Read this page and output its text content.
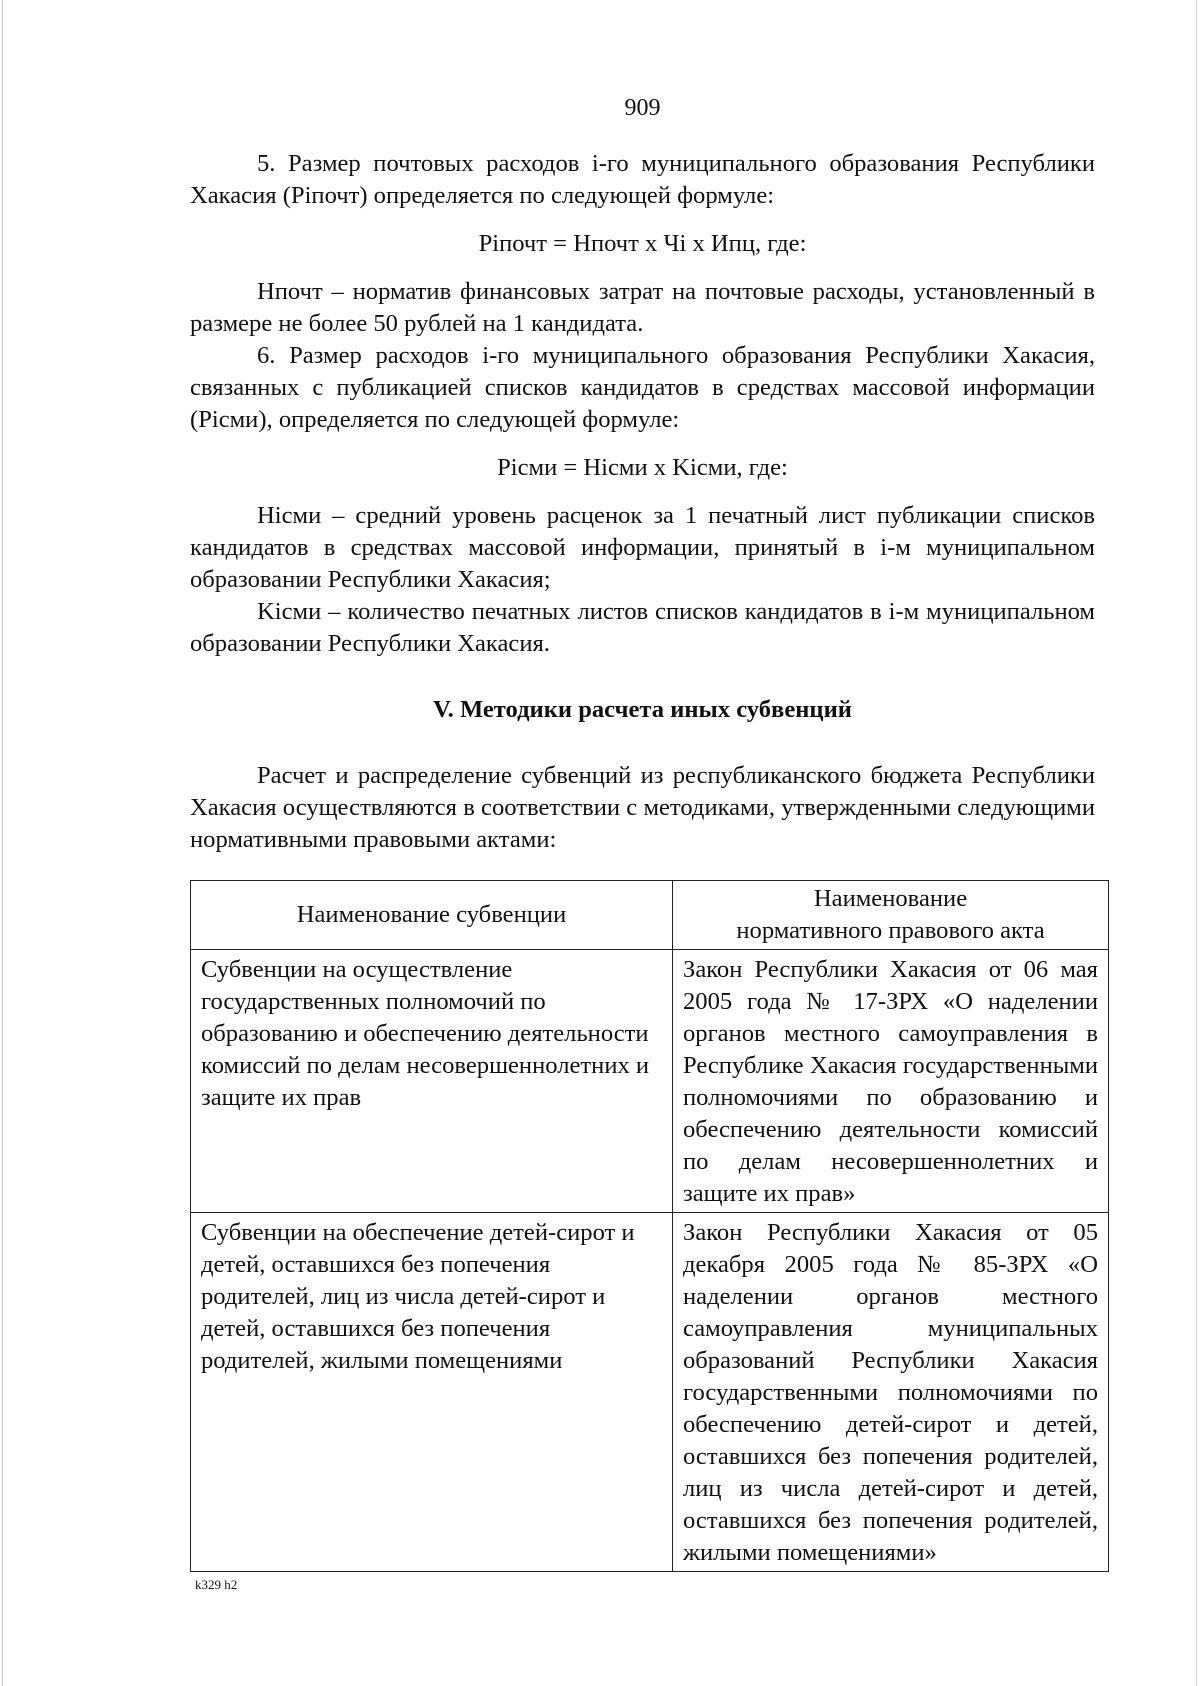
909

5. Размер почтовых расходов i-го муниципального образования Республики Хакасия (Piпочт) определяется по следующей формуле:

Piпочт = Нпочт х Чi х Ипц, где:

Нпочт – норматив финансовых затрат на почтовые расходы, установленный в размере не более 50 рублей на 1 кандидата.

6. Размер расходов i-го муниципального образования Республики Хакасия, связанных с публикацией списков кандидатов в средствах массовой информации (Piсми), определяется по следующей формуле:

Piсми = Hiсми х Kiсми, где:

Hiсми – средний уровень расценок за 1 печатный лист публикации списков кандидатов в средствах массовой информации, принятый в i-м муниципальном образовании Республики Хакасия;

Kiсми – количество печатных листов списков кандидатов в i-м муниципальном образовании Республики Хакасия.

V. Методики расчета иных субвенций

Расчет и распределение субвенций из республиканского бюджета Республики Хакасия осуществляются в соответствии с методиками, утвержденными следующими нормативными правовыми актами:

Наименование субвенции	Наименование
нормативного правового акта

Субвенции на осуществление государственных полномочий по образованию и обеспечению деятельности комиссий по делам несовершеннолетних и защите их прав	Закон Республики Хакасия от 06 мая 2005 года № 17-ЗРХ «О наделении органов местного самоуправления в Республике Хакасия государственными полномочиями по образованию и обеспечению деятельности комиссий по делам несовершеннолетних и защите их прав»
Субвенции на обеспечение детей-сирот и детей, оставшихся без попечения родителей, лиц из числа детей-сирот и детей, оставшихся без попечения родителей, жилыми помещениями	Закон Республики Хакасия от 05 декабря 2005 года № 85-ЗРХ «О наделении органов местного самоуправления муниципальных образований Республики Хакасия государственными полномочиями по обеспечению детей-сирот и детей, оставшихся без попечения родителей, лиц из числа детей-сирот и детей, оставшихся без попечения родителей, жилыми помещениями»
k329 h2
